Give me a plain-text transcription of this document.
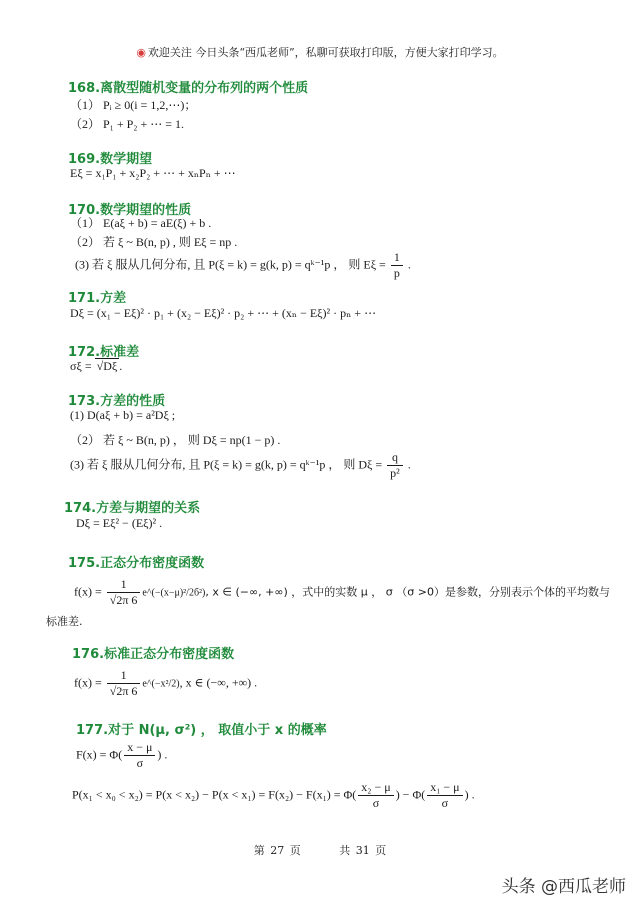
◉ 欢迎关注 今日头条“西瓜老师”，私聊可获取打印版，方便大家打印学习。
168.离散型随机变量的分布列的两个性质
（1） Pᵢ ≥ 0(i = 1,2,⋯)；
（2） P₁ + P₂ + ⋯ = 1.
169.数学期望
Eξ = x₁P₁ + x₂P₂ + ⋯ + xₙPₙ + ⋯
170.数学期望的性质
（1） E(aξ + b) = aE(ξ) + b .
（2） 若 ξ ~ B(n, p) , 则 Eξ = np .
(3) 若 ξ 服从几何分布, 且 P(ξ = k) = g(k, p) = qᵏ⁻¹p ， 则 $E\xi = \frac{1}{p}$ .
171.方差
Dξ = (x₁ − Eξ)² · p₁ + (x₂ − Eξ)² · p₂ + ⋯ + (xₙ − Eξ)² · pₙ + ⋯
172.标准差
σξ = √Dξ .
173.方差的性质
(1) D(aξ + b) = a²Dξ ;
（2） 若 ξ ~ B(n, p) ， 则 Dξ = np(1 − p) .
(3) 若 ξ 服从几何分布, 且 P(ξ = k) = g(k, p) = qᵏ⁻¹p ， 则 $D\xi = \frac{q}{\text{p²}}$ .
174.方差与期望的关系
Dξ = Eξ² − (Eξ)² .
175.正态分布密度函数
$f(x) = \frac{1}{√2\pi 6}$ e^(−(x−μ)²/2б²), x ∈ (−∞, +∞) ，式中的实数 μ ， σ （σ >0）是参数，分别表示个体的平均数与
标准差.
176.标准正态分布密度函数
$f(x) = \frac{1}{√2\pi 6}$ e^(−x²/2), x ∈ (−∞, +∞) .
177.对于 N(μ, σ²) ， 取值小于 x 的概率
$F(x) = \Phi( \frac{x - \mu}{\sigma}$ ) .
$P(x_1 < x_0 < x_2) = P(x < x_2) - P(x < x_1) = F(x_2) - F(x_1) = \Phi( \frac{\text{x₂ − μ}}{\sigma}$ ) − $\Phi( \frac{\text{x₁ − μ}}{\sigma}$ ) .
第 27 页	共 31 页
头条 @西瓜老师
